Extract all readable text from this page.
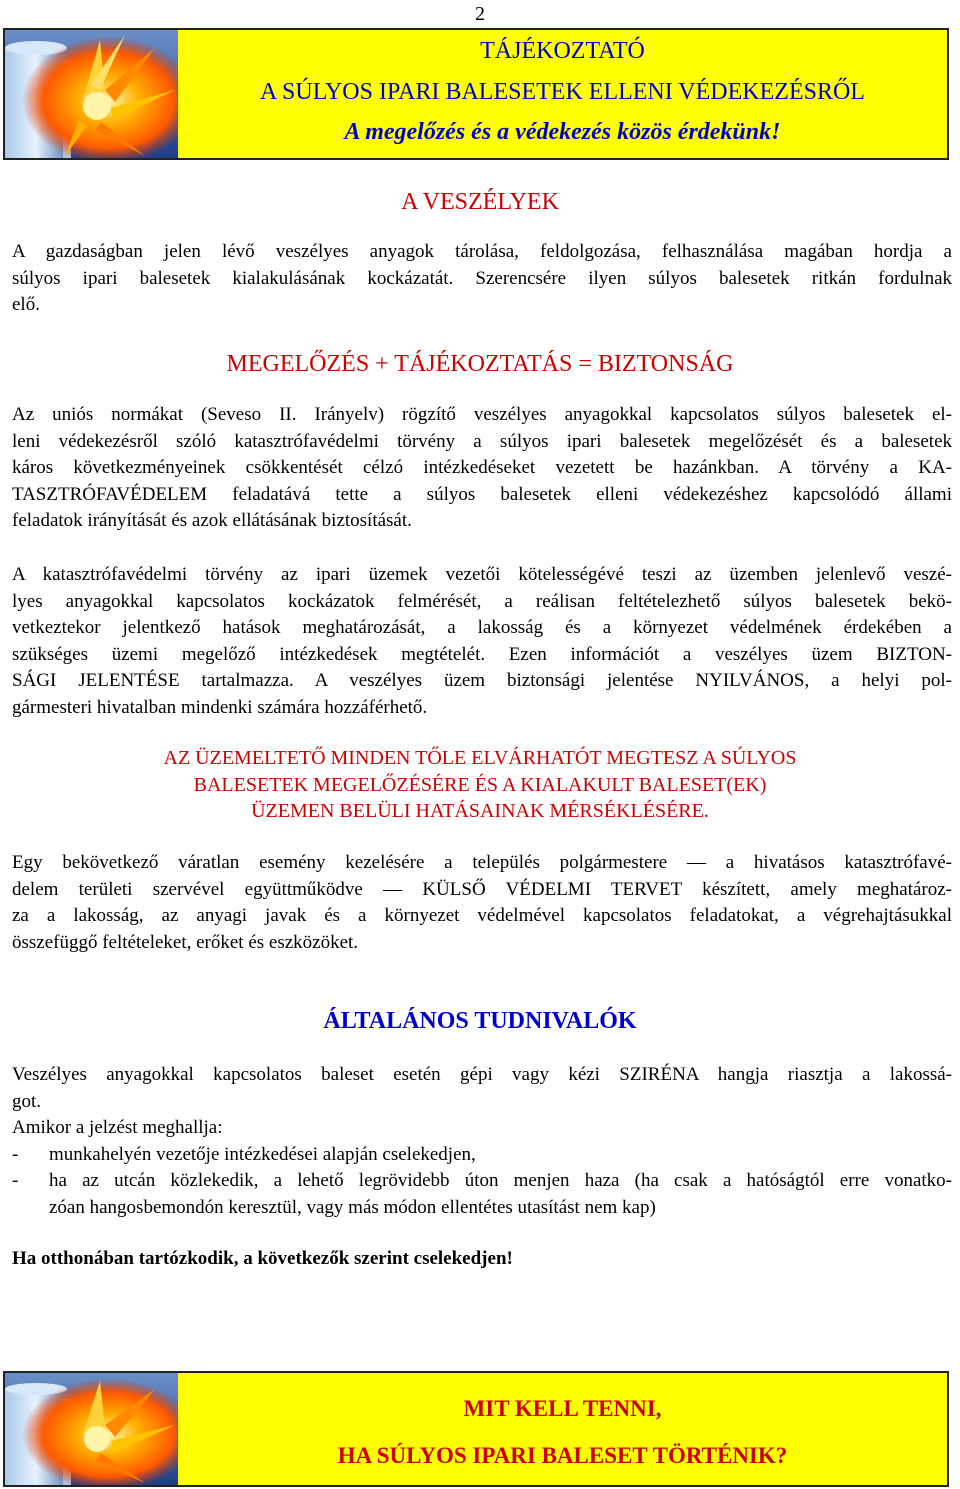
2
TÁJÉKOZTATÓ
A SÚLYOS IPARI BALESETEK ELLENI VÉDEKEZÉSRŐL
A megelőzés és a védekezés közös érdekünk!
A VESZÉLYEK
A gazdaságban jelen lévő veszélyes anyagok tárolása, feldolgozása, felhasználása magában hordja a
súlyos ipari balesetek kialakulásának kockázatát. Szerencsére ilyen súlyos balesetek ritkán fordulnak
elő.
MEGELŐZÉS + TÁJÉKOZTATÁS = BIZTONSÁG
Az uniós normákat (Seveso II. Irányelv) rögzítő veszélyes anyagokkal kapcsolatos súlyos balesetek el-
leni védekezésről szóló katasztrófavédelmi törvény a súlyos ipari balesetek megelőzését és a balesetek
káros következményeinek csökkentését célzó intézkedéseket vezetett be hazánkban. A törvény a KA-
TASZTRÓFAVÉDELEM feladatává tette a súlyos balesetek elleni védekezéshez kapcsolódó állami
feladatok irányítását és azok ellátásának biztosítását.
A katasztrófavédelmi törvény az ipari üzemek vezetői kötelességévé teszi az üzemben jelenlevő veszé-
lyes anyagokkal kapcsolatos kockázatok felmérését, a reálisan feltételezhető súlyos balesetek bekö-
vetkeztekor jelentkező hatások meghatározását, a lakosság és a környezet védelmének érdekében a
szükséges üzemi megelőző intézkedések megtételét. Ezen információt a veszélyes üzem BIZTON-
SÁGI JELENTÉSE tartalmazza. A veszélyes üzem biztonsági jelentése NYILVÁNOS, a helyi pol-
gármesteri hivatalban mindenki számára hozzáférhető.
AZ ÜZEMELTETŐ MINDEN TŐLE ELVÁRHATÓT MEGTESZ A SÚLYOS
BALESETEK MEGELŐZÉSÉRE ÉS A KIALAKULT BALESET(EK)
ÜZEMEN BELÜLI HATÁSAINAK MÉRSÉKLÉSÉRE.
Egy bekövetkező váratlan esemény kezelésére a település polgármestere — a hivatásos katasztrófavé-
delem területi szervével együttműködve — KÜLSŐ VÉDELMI TERVET készített, amely meghatároz-
za a lakosság, az anyagi javak és a környezet védelmével kapcsolatos feladatokat, a végrehajtásukkal
összefüggő feltételeket, erőket és eszközöket.
ÁLTALÁNOS TUDNIVALÓK
Veszélyes anyagokkal kapcsolatos baleset esetén gépi vagy kézi SZIRÉNA hangja riasztja a lakossá-
got.
Amikor a jelzést meghallja:
- munkahelyén vezetője intézkedései alapján cselekedjen,
- ha az utcán közlekedik, a lehető legrövidebb úton menjen haza (ha csak a hatóságtól erre vonatko-
zóan hangosbemondón keresztül, vagy más módon ellentétes utasítást nem kap)
Ha otthonában tartózkodik, a következők szerint cselekedjen!
MIT KELL TENNI,
HA SÚLYOS IPARI BALESET TÖRTÉNIK?
